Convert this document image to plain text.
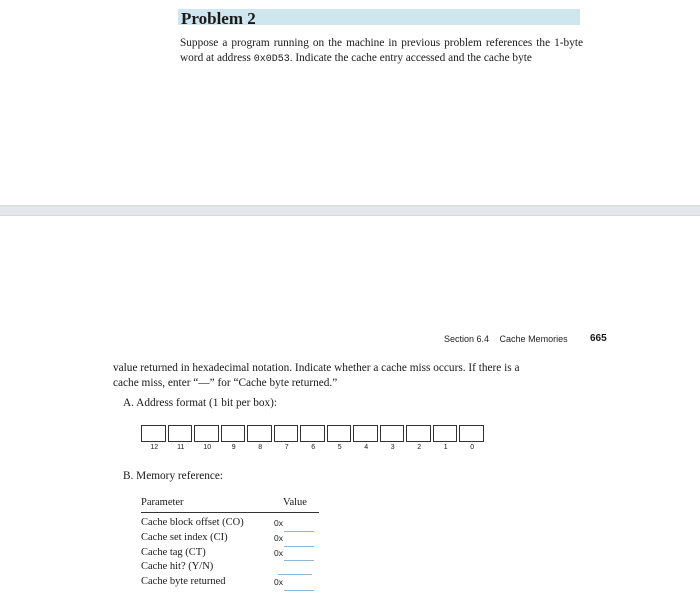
Problem 2
Suppose a program running on the machine in previous problem references the 1-byte word at address 0x0D53. Indicate the cache entry accessed and the cache byte
Section 6.4 Cache Memories 665
value returned in hexadecimal notation. Indicate whether a cache miss occurs. If there is a cache miss, enter “—” for “Cache byte returned.”
A. Address format (1 bit per box):
12	11	10	9	8	7	6	5	4	3	2	1	0
B. Memory reference:
Parameter	Value
Cache block offset (CO)	0x
Cache set index (CI)	0x
Cache tag (CT)	0x
Cache hit? (Y/N)
Cache byte returned	0x
